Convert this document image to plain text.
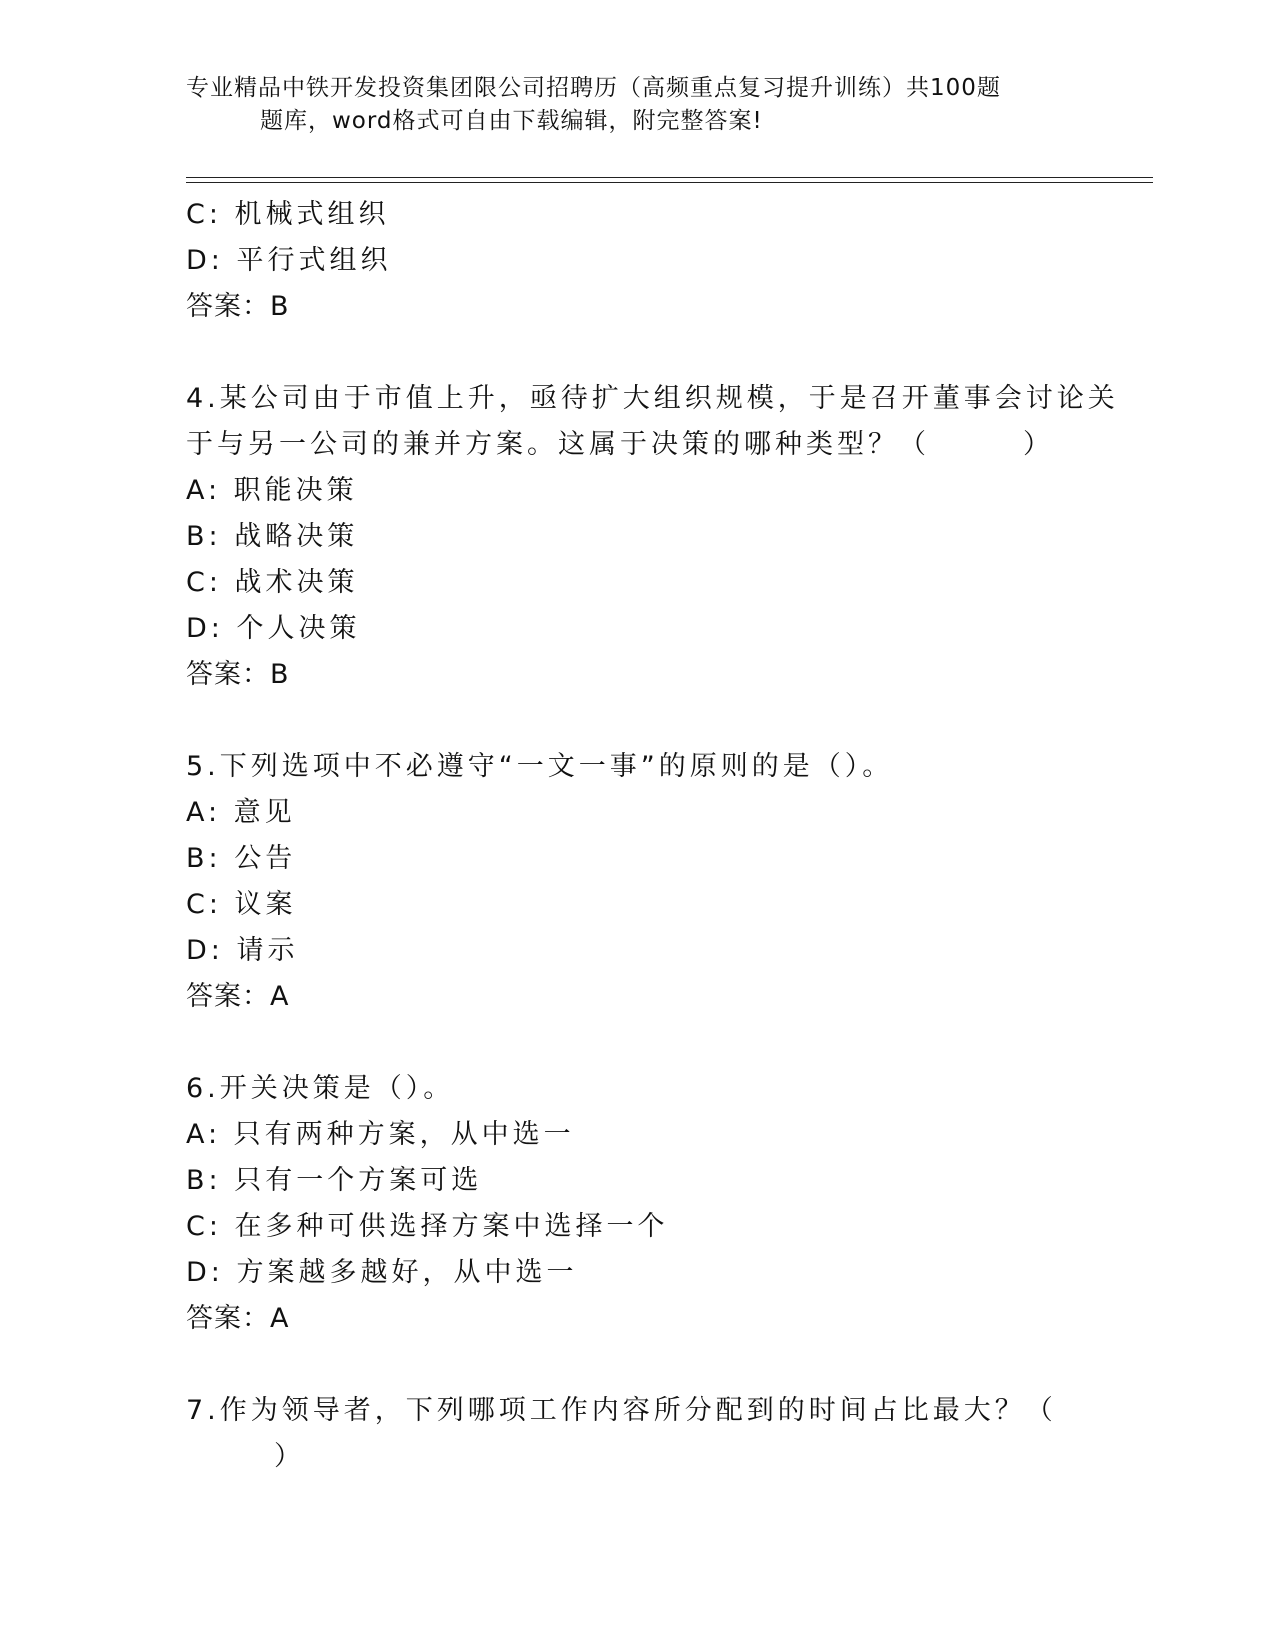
专业精品中铁开发投资集团限公司招聘历（高频重点复习提升训练）共100题
题库，word格式可自由下载编辑，附完整答案!
C: 机械式组织
D: 平行式组织
答案：B
4.某公司由于市值上升，亟待扩大组织规模，于是召开董事会讨论关
于与另一公司的兼并方案。这属于决策的哪种类型？（　　　）
A: 职能决策
B: 战略决策
C: 战术决策
D: 个人决策
答案：B
5.下列选项中不必遵守“一文一事”的原则的是（）。
A: 意见
B: 公告
C: 议案
D: 请示
答案：A
6.开关决策是（）。
A: 只有两种方案，从中选一
B: 只有一个方案可选
C: 在多种可供选择方案中选择一个
D: 方案越多越好，从中选一
答案：A
7.作为领导者，下列哪项工作内容所分配到的时间占比最大？（
）
